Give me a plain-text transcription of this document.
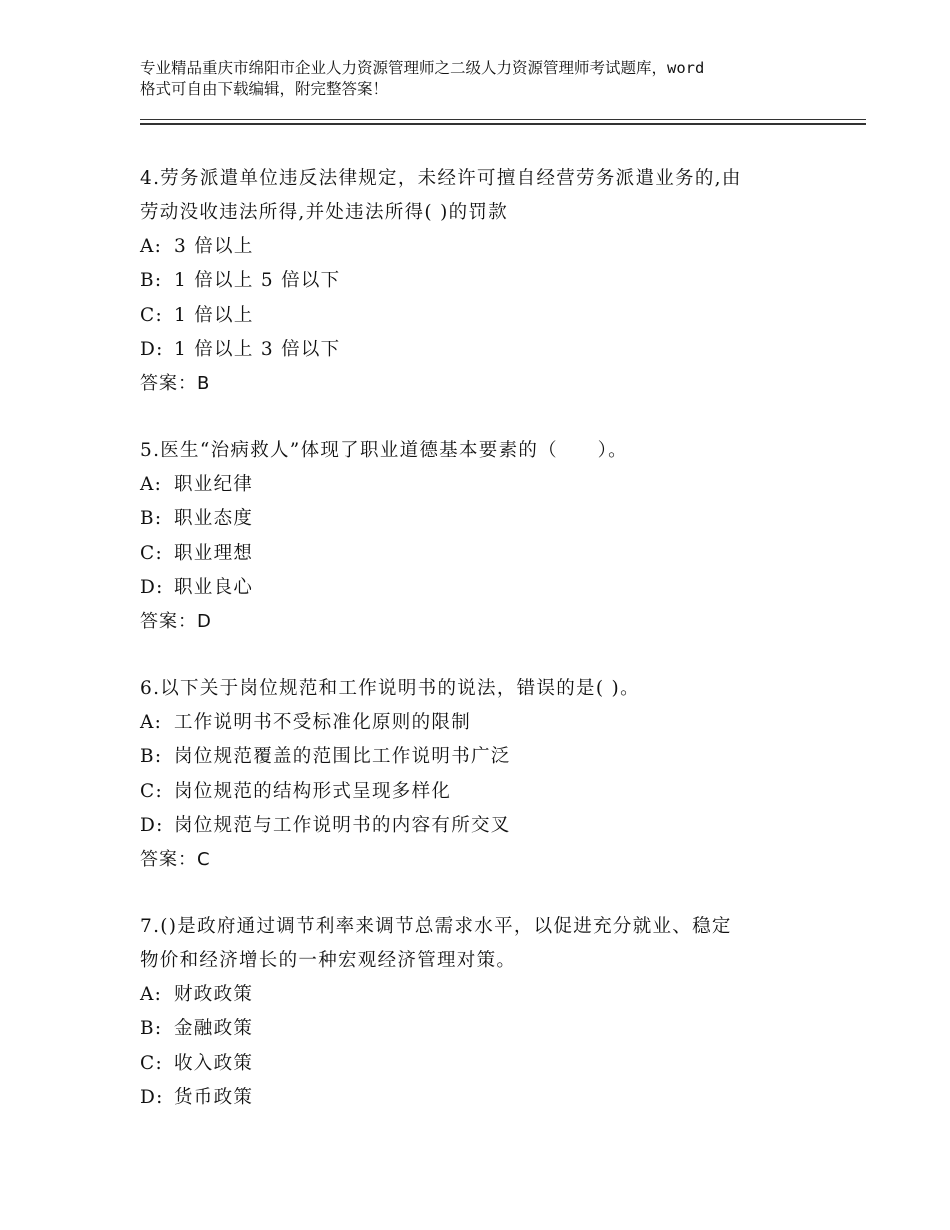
专业精品重庆市绵阳市企业人力资源管理师之二级人力资源管理师考试题库，word
格式可自由下载编辑，附完整答案！
4.劳务派遣单位违反法律规定，未经许可擅自经营劳务派遣业务的,由
劳动没收违法所得,并处违法所得( )的罚款
A: 3 倍以上
B: 1 倍以上 5 倍以下
C: 1 倍以上
D: 1 倍以上 3 倍以下
答案：B
5.医生“治病救人”体现了职业道德基本要素的（　　）。
A: 职业纪律
B: 职业态度
C: 职业理想
D: 职业良心
答案：D
6.以下关于岗位规范和工作说明书的说法，错误的是( )。
A: 工作说明书不受标准化原则的限制
B: 岗位规范覆盖的范围比工作说明书广泛
C: 岗位规范的结构形式呈现多样化
D: 岗位规范与工作说明书的内容有所交叉
答案：C
7.()是政府通过调节利率来调节总需求水平，以促进充分就业、稳定
物价和经济增长的一种宏观经济管理对策。
A: 财政政策
B: 金融政策
C: 收入政策
D: 货币政策
